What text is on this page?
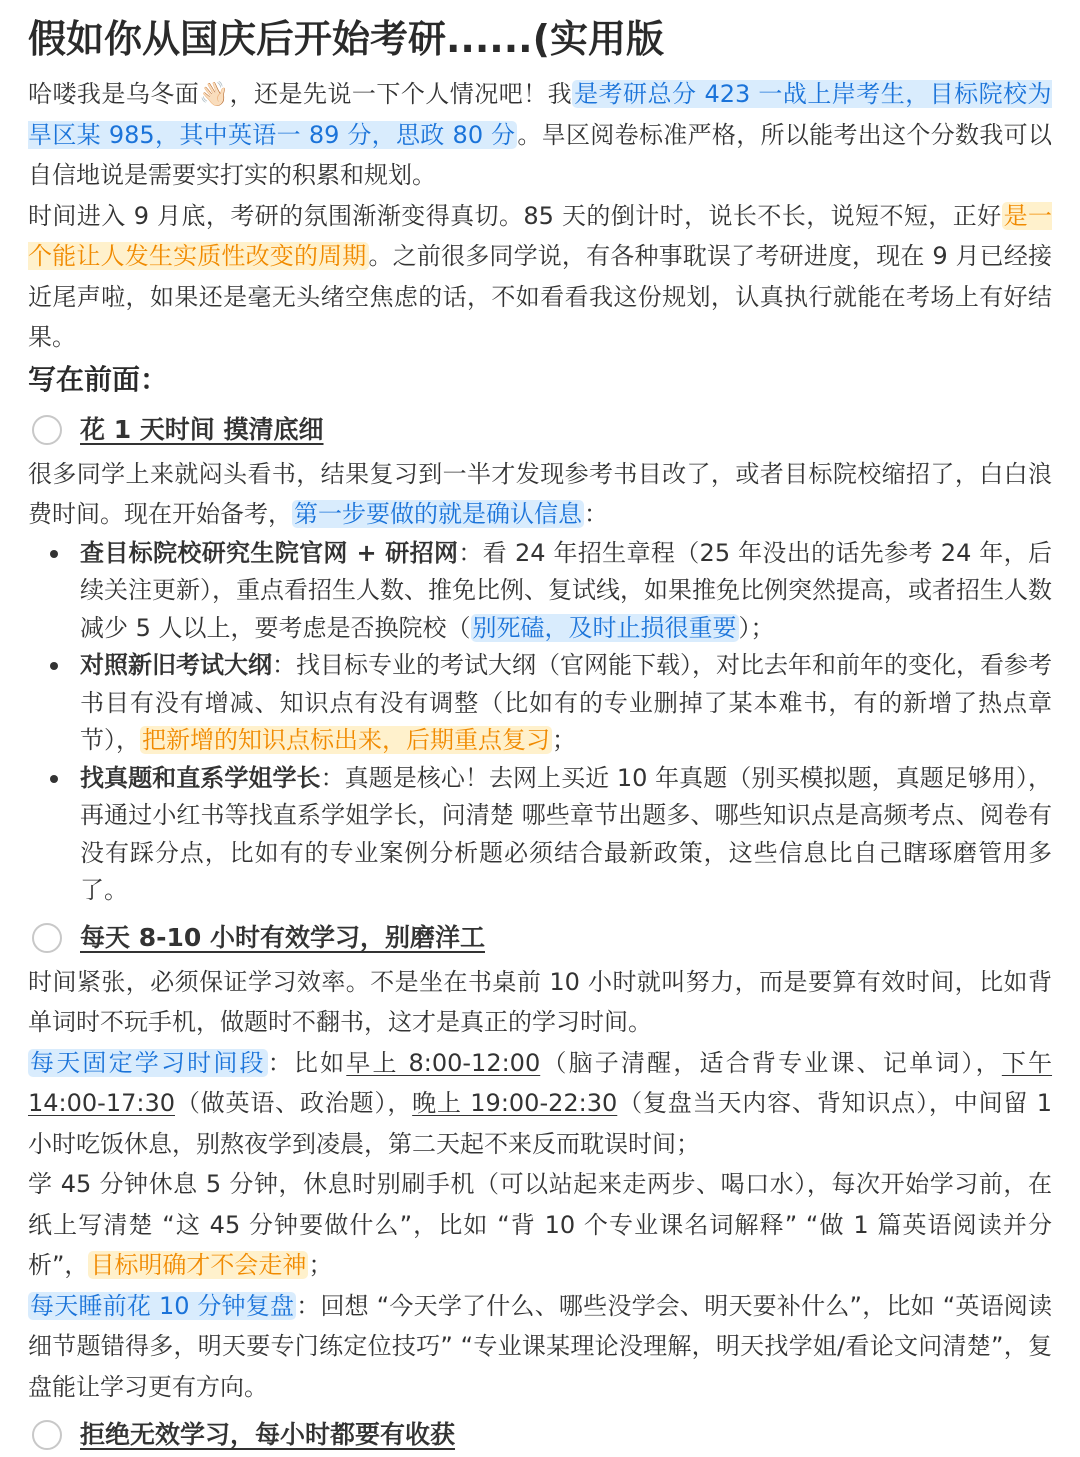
假如你从国庆后开始考研......(实用版

哈喽我是乌冬面👋🏻，还是先说一下个人情况吧！我是考研总分 423 一战上岸考生，目标院校为旱区某 985，其中英语一 89 分，思政 80 分。旱区阅卷标准严格，所以能考出这个分数我可以自信地说是需要实打实的积累和规划。

时间进入 9 月底，考研的氛围渐渐变得真切。85 天的倒计时，说长不长，说短不短，正好是一个能让人发生实质性改变的周期。之前很多同学说，有各种事耽误了考研进度，现在 9 月已经接近尾声啦，如果还是毫无头绪空焦虑的话，不如看看我这份规划，认真执行就能在考场上有好结果。

写在前面：
花 1 天时间 摸清底细

很多同学上来就闷头看书，结果复习到一半才发现参考书目改了，或者目标院校缩招了，白白浪费时间。现在开始备考，第一步要做的就是确认信息：

查目标院校研究生院官网 + 研招网：看 24 年招生章程（25 年没出的话先参考 24 年，后续关注更新），重点看招生人数、推免比例、复试线，如果推免比例突然提高，或者招生人数减少 5 人以上，要考虑是否换院校（别死磕，及时止损很重要）；
对照新旧考试大纲：找目标专业的考试大纲（官网能下载），对比去年和前年的变化，看参考书目有没有增减、知识点有没有调整（比如有的专业删掉了某本难书，有的新增了热点章节），把新增的知识点标出来，后期重点复习；
找真题和直系学姐学长：真题是核心！去网上买近 10 年真题（别买模拟题，真题足够用），再通过小红书等找直系学姐学长，问清楚 哪些章节出题多、哪些知识点是高频考点、阅卷有没有踩分点，比如有的专业案例分析题必须结合最新政策，这些信息比自己瞎琢磨管用多了。
每天 8-10 小时有效学习，别磨洋工

时间紧张，必须保证学习效率。不是坐在书桌前 10 小时就叫努力，而是要算有效时间，比如背单词时不玩手机，做题时不翻书，这才是真正的学习时间。

每天固定学习时间段：比如早上 8:00-12:00（脑子清醒，适合背专业课、记单词），下午 14:00-17:30（做英语、政治题），晚上 19:00-22:30（复盘当天内容、背知识点），中间留 1 小时吃饭休息，别熬夜学到凌晨，第二天起不来反而耽误时间；

学 45 分钟休息 5 分钟，休息时别刷手机（可以站起来走两步、喝口水），每次开始学习前，在纸上写清楚 “这 45 分钟要做什么”，比如 “背 10 个专业课名词解释” “做 1 篇英语阅读并分析”，目标明确才不会走神；

每天睡前花 10 分钟复盘：回想 “今天学了什么、哪些没学会、明天要补什么”，比如 “英语阅读细节题错得多，明天要专门练定位技巧” “专业课某理论没理解，明天找学姐/看论文问清楚”，复盘能让学习更有方向。

拒绝无效学习，每小时都要有收获
